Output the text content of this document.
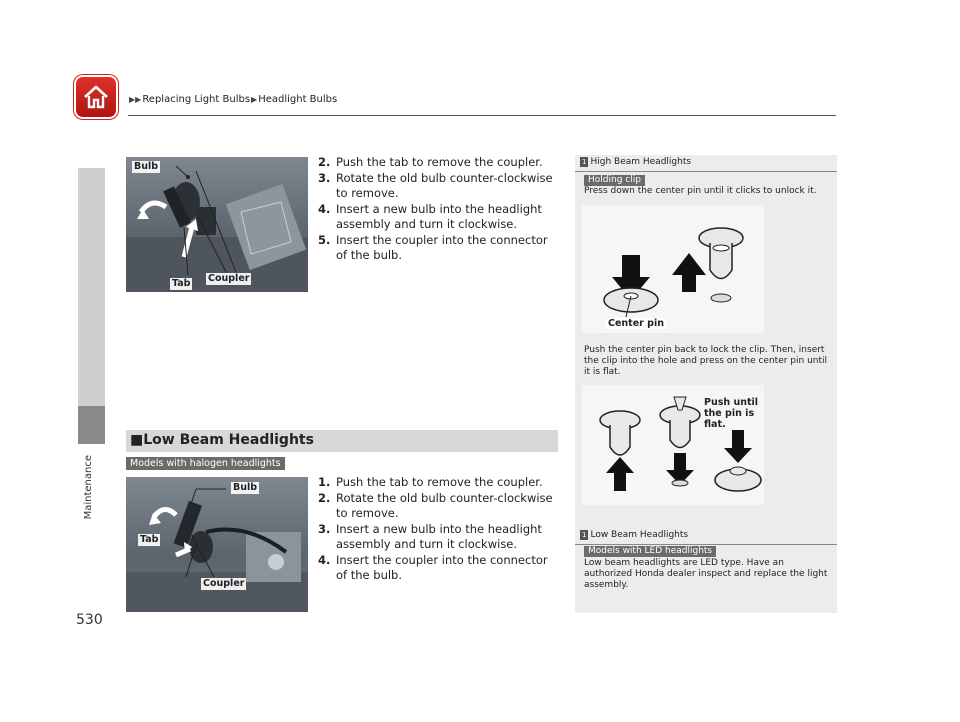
▶▶Replacing Light Bulbs▶Headlight Bulbs
Maintenance
530
Bulb
Tab Coupler

2. Push the tab to remove the coupler.

3. Rotate the old bulb counter-clockwise to remove.

4. Insert a new bulb into the headlight assembly and turn it clockwise.

5. Insert the coupler into the connector of the bulb.

■Low Beam Headlights
Models with halogen headlights
Bulb
Tab
Coupler

1. Push the tab to remove the coupler.

2. Rotate the old bulb counter-clockwise to remove.

3. Insert a new bulb into the headlight assembly and turn it clockwise.

4. Insert the coupler into the connector of the bulb.

1 High Beam Headlights
Holding clip
Press down the center pin until it clicks to unlock it.
Center pin
Push the center pin back to lock the clip. Then, insert the clip into the hole and press on the center pin until it is flat.
Push until the pin is flat.
1 Low Beam Headlights
Models with LED headlights
Low beam headlights are LED type. Have an authorized Honda dealer inspect and replace the light assembly.
